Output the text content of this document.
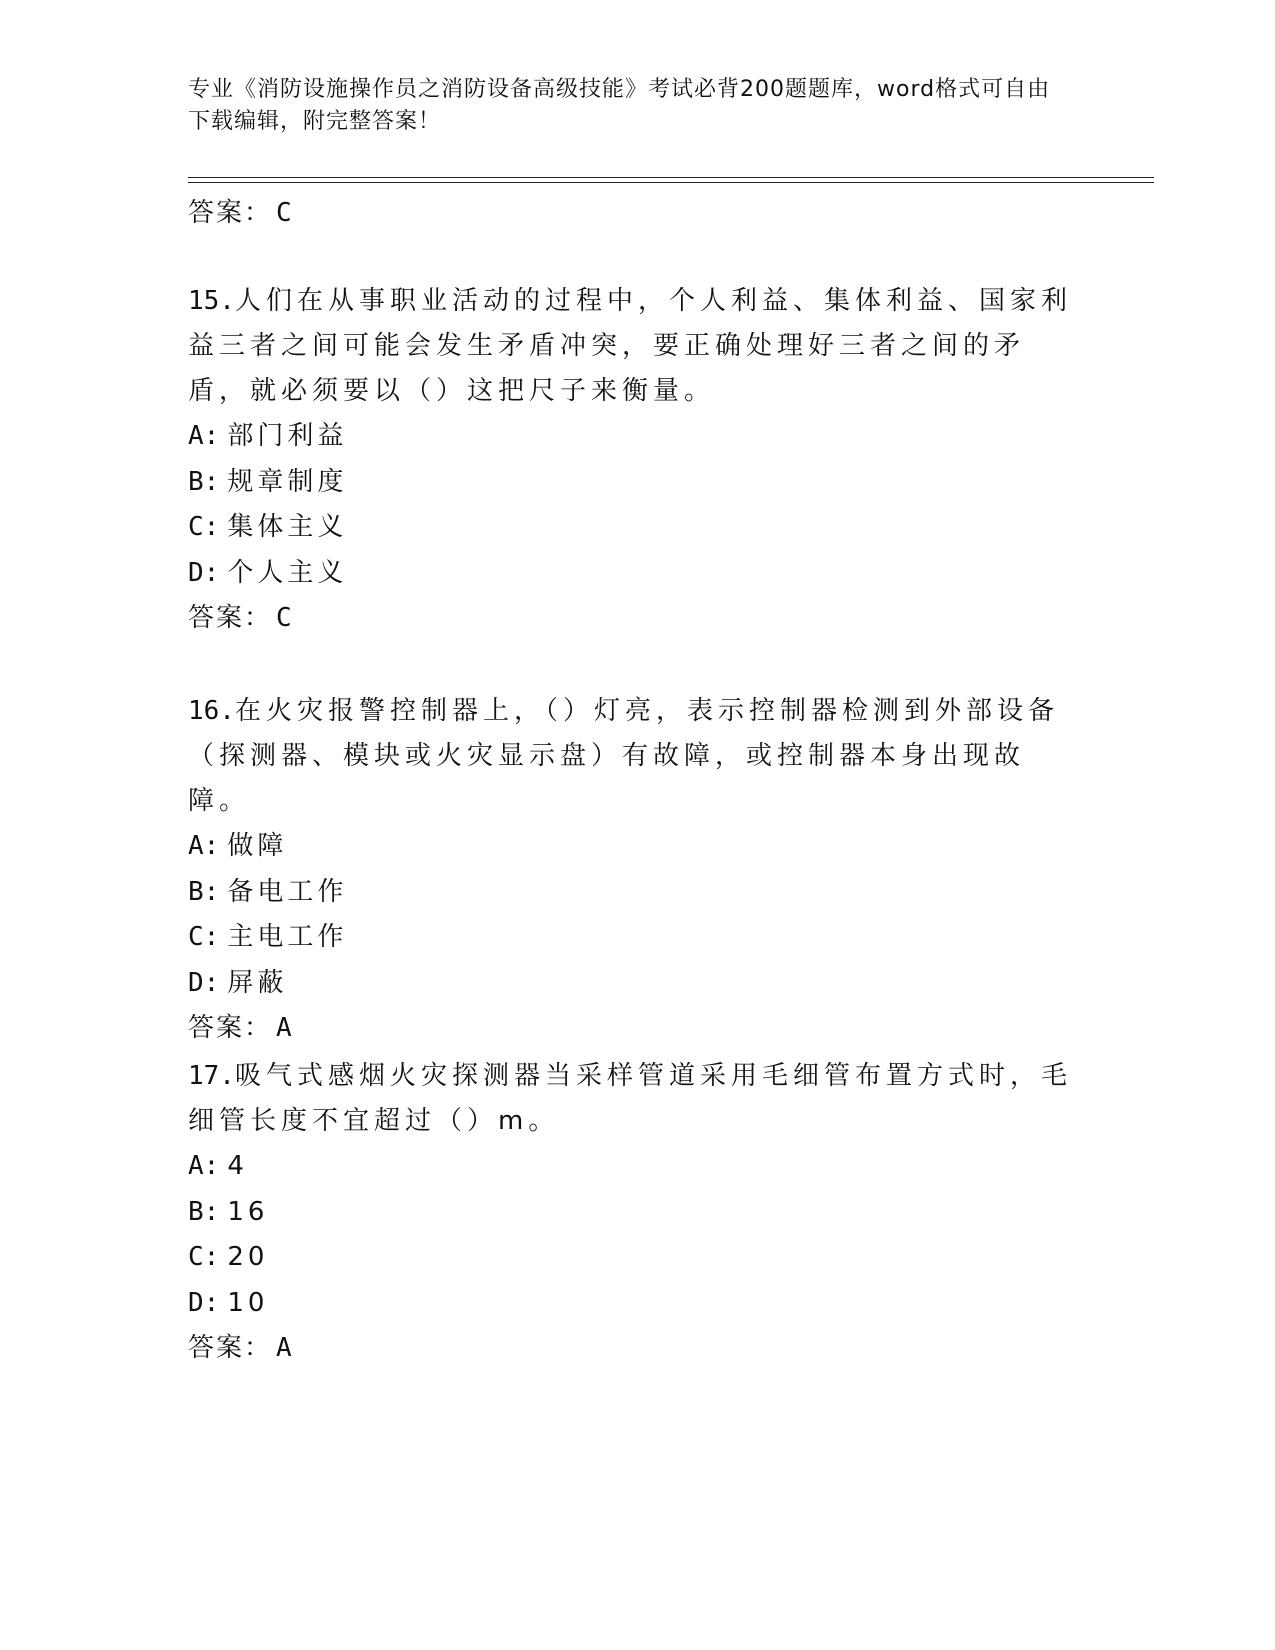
专业《消防设施操作员之消防设备高级技能》考试必背200题题库，word格式可自由下载编辑，附完整答案！
答案： C

15.人们在从事职业活动的过程中，个人利益、集体利益、国家利益三者之间可能会发生矛盾冲突，要正确处理好三者之间的矛盾，就必须要以（）这把尺子来衡量。

A: 部门利益
B: 规章制度
C: 集体主义
D: 个人主义
答案： C

16.在火灾报警控制器上，（）灯亮，表示控制器检测到外部设备（探测器、模块或火灾显示盘）有故障，或控制器本身出现故障。

A: 做障
B: 备电工作
C: 主电工作
D: 屏蔽
答案： A

17.吸气式感烟火灾探测器当采样管道采用毛细管布置方式时，毛细管长度不宜超过（）m。

A: 4
B: 16
C: 20
D: 10
答案： A
